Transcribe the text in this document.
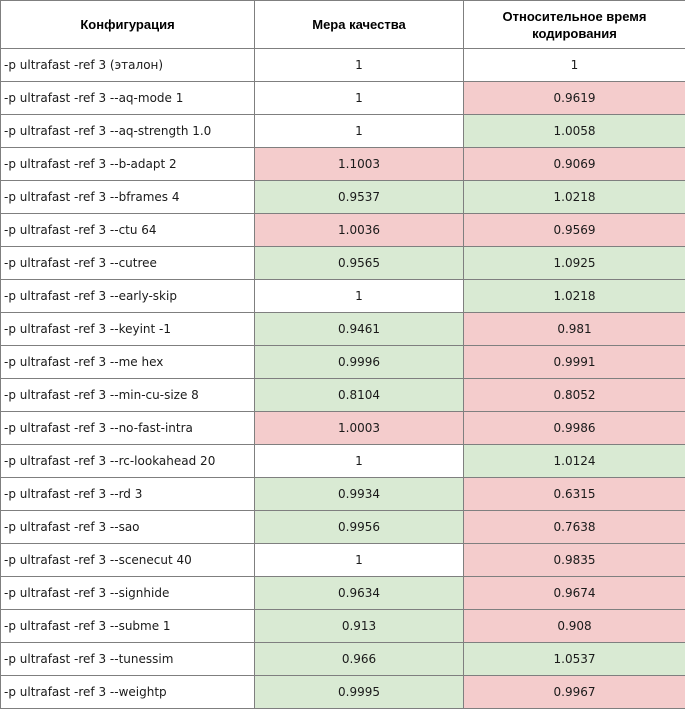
Конфигурация	Мера качества	Относительное время кодирования
-p ultrafast -ref 3 (эталон)	1	1
-p ultrafast -ref 3 --aq-mode 1	1	0.9619
-p ultrafast -ref 3 --aq-strength 1.0	1	1.0058
-p ultrafast -ref 3 --b-adapt 2	1.1003	0.9069
-p ultrafast -ref 3 --bframes 4	0.9537	1.0218
-p ultrafast -ref 3 --ctu 64	1.0036	0.9569
-p ultrafast -ref 3 --cutree	0.9565	1.0925
-p ultrafast -ref 3 --early-skip	1	1.0218
-p ultrafast -ref 3 --keyint -1	0.9461	0.981
-p ultrafast -ref 3 --me hex	0.9996	0.9991
-p ultrafast -ref 3 --min-cu-size 8	0.8104	0.8052
-p ultrafast -ref 3 --no-fast-intra	1.0003	0.9986
-p ultrafast -ref 3 --rc-lookahead 20	1	1.0124
-p ultrafast -ref 3 --rd 3	0.9934	0.6315
-p ultrafast -ref 3 --sao	0.9956	0.7638
-p ultrafast -ref 3 --scenecut 40	1	0.9835
-p ultrafast -ref 3 --signhide	0.9634	0.9674
-p ultrafast -ref 3 --subme 1	0.913	0.908
-p ultrafast -ref 3 --tunessim	0.966	1.0537
-p ultrafast -ref 3 --weightp	0.9995	0.9967
